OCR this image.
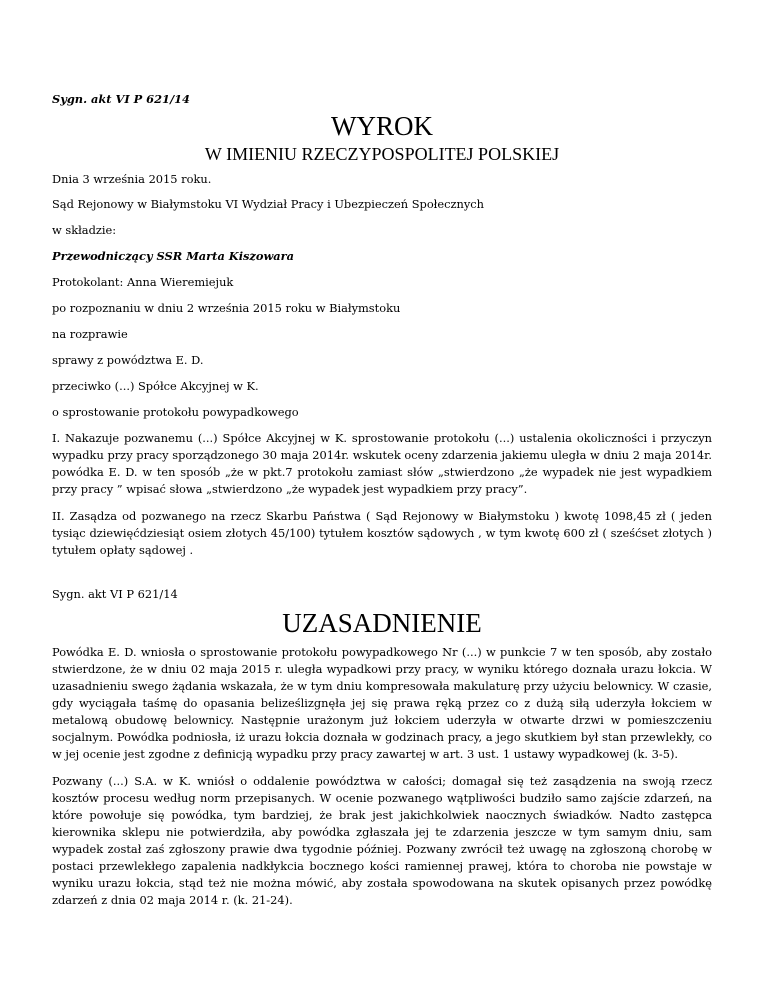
Sygn. akt VI P 621/14

WYROK

W IMIENIU RZECZYPOSPOLITEJ POLSKIEJ

Dnia 3 września 2015 roku.

Sąd Rejonowy w Białymstoku VI Wydział Pracy i Ubezpieczeń Społecznych

w składzie:

Przewodniczący SSR Marta Kiszowara

Protokolant: Anna Wieremiejuk

po rozpoznaniu w dniu 2 września 2015 roku w Białymstoku

na rozprawie

sprawy z powództwa E. D.

przeciwko (...) Spółce Akcyjnej w K.

o sprostowanie protokołu powypadkowego

I. Nakazuje pozwanemu (...) Spółce Akcyjnej w K. sprostowanie protokołu (...) ustalenia okoliczności i przyczyn wypadku przy pracy sporządzonego 30 maja 2014r. wskutek oceny zdarzenia jakiemu uległa w dniu 2 maja 2014r. powódka E. D. w ten sposób „że w pkt.7 protokołu zamiast słów „stwierdzono „że wypadek nie jest wypadkiem przy pracy ” wpisać słowa „stwierdzono „że wypadek jest wypadkiem przy pracy”.

II. Zasądza od pozwanego na rzecz Skarbu Państwa ( Sąd Rejonowy w Białymstoku ) kwotę 1098,45 zł ( jeden tysiąc dziewięćdziesiąt osiem złotych 45/100) tytułem kosztów sądowych , w tym kwotę 600 zł ( sześćset złotych ) tytułem opłaty sądowej .

Sygn. akt VI P 621/14

UZASADNIENIE

Powódka E. D. wniosła o sprostowanie protokołu powypadkowego Nr (...) w punkcie 7 w ten sposób, aby zostało stwierdzone, że w dniu 02 maja 2015 r. uległa wypadkowi przy pracy, w wyniku którego doznała urazu łokcia. W uzasadnieniu swego żądania wskazała, że w tym dniu kompresowała makulaturę przy użyciu belownicy. W czasie, gdy wyciągała taśmę do opasania beliześlizgnęła jej się prawa ręką przez co z dużą siłą uderzyła łokciem w metalową obudowę belownicy. Następnie urażonym już łokciem uderzyła w otwarte drzwi w pomieszczeniu socjalnym. Powódka podniosła, iż urazu łokcia doznała w godzinach pracy, a jego skutkiem był stan przewlekły, co w jej ocenie jest zgodne z definicją wypadku przy pracy zawartej w art. 3 ust. 1 ustawy wypadkowej (k. 3-5).

Pozwany (...) S.A. w K. wniósł o oddalenie powództwa w całości; domagał się też zasądzenia na swoją rzecz kosztów procesu według norm przepisanych. W ocenie pozwanego wątpliwości budziło samo zajście zdarzeń, na które powołuje się powódka, tym bardziej, że brak jest jakichkolwiek naocznych świadków. Nadto zastępca kierownika sklepu nie potwierdziła, aby powódka zgłaszała jej te zdarzenia jeszcze w tym samym dniu, sam wypadek został zaś zgłoszony prawie dwa tygodnie później. Pozwany zwrócił też uwagę na zgłoszoną chorobę w postaci przewlekłego zapalenia nadkłykcia bocznego kości ramiennej prawej, która to choroba nie powstaje w wyniku urazu łokcia, stąd też nie można mówić, aby została spowodowana na skutek opisanych przez powódkę zdarzeń z dnia 02 maja 2014 r. (k. 21-24).
